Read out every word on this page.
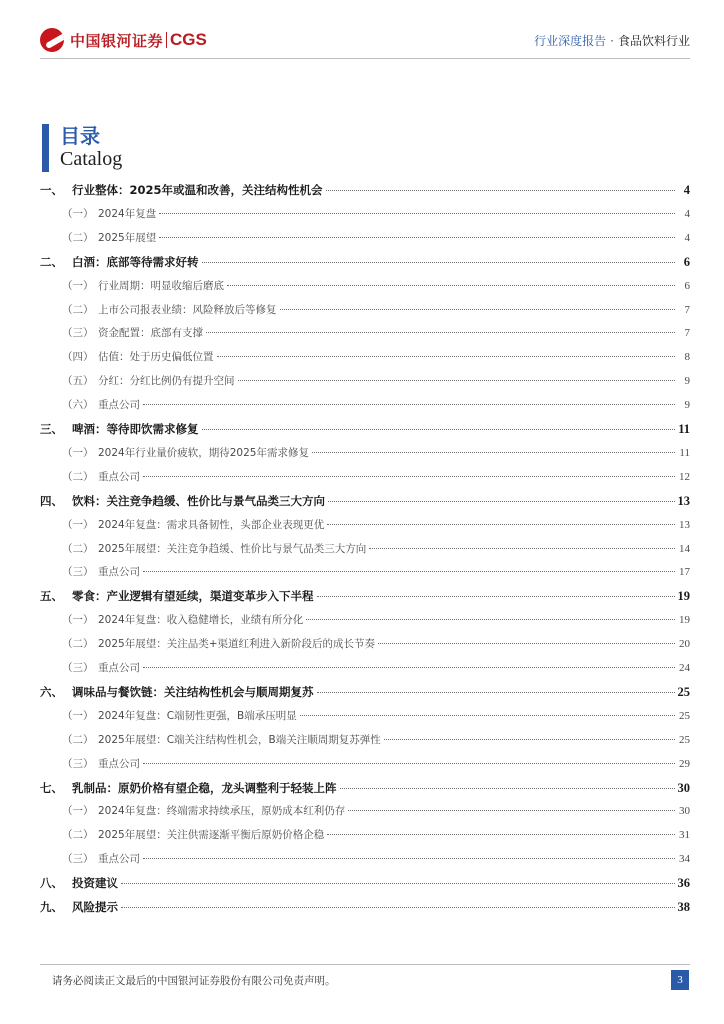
中国银河证券 CGS	行业深度报告 · 食品饮料行业
目录
Catalog
一、 行业整体：2025年或温和改善，关注结构性机会	4
（一） 2024年复盘	4
（二） 2025年展望	4
二、 白酒：底部等待需求好转	6
（一） 行业周期：明显收缩后磨底	6
（二） 上市公司报表业绩：风险释放后等修复	7
（三） 资金配置：底部有支撑	7
（四） 估值：处于历史偏低位置	8
（五） 分红：分红比例仍有提升空间	9
（六） 重点公司	9
三、 啤酒：等待即饮需求修复	11
（一） 2024年行业量价疲软，期待2025年需求修复	11
（二） 重点公司	12
四、 饮料：关注竞争趋缓、性价比与景气品类三大方向	13
（一） 2024年复盘：需求具备韧性，头部企业表现更优	13
（二） 2025年展望：关注竞争趋缓、性价比与景气品类三大方向	14
（三） 重点公司	17
五、 零食：产业逻辑有望延续，渠道变革步入下半程	19
（一） 2024年复盘：收入稳健增长，业绩有所分化	19
（二） 2025年展望：关注品类+渠道红利进入新阶段后的成长节奏	20
（三） 重点公司	24
六、 调味品与餐饮链：关注结构性机会与顺周期复苏	25
（一） 2024年复盘：C端韧性更强，B端承压明显	25
（二） 2025年展望：C端关注结构性机会，B端关注顺周期复苏弹性	25
（三） 重点公司	29
七、 乳制品：原奶价格有望企稳，龙头调整利于轻装上阵	30
（一） 2024年复盘：终端需求持续承压，原奶成本红利仍存	30
（二） 2025年展望：关注供需逐渐平衡后原奶价格企稳	31
（三） 重点公司	34
八、 投资建议	36
九、 风险提示	38
请务必阅读正文最后的中国银河证券股份有限公司免责声明。	3
